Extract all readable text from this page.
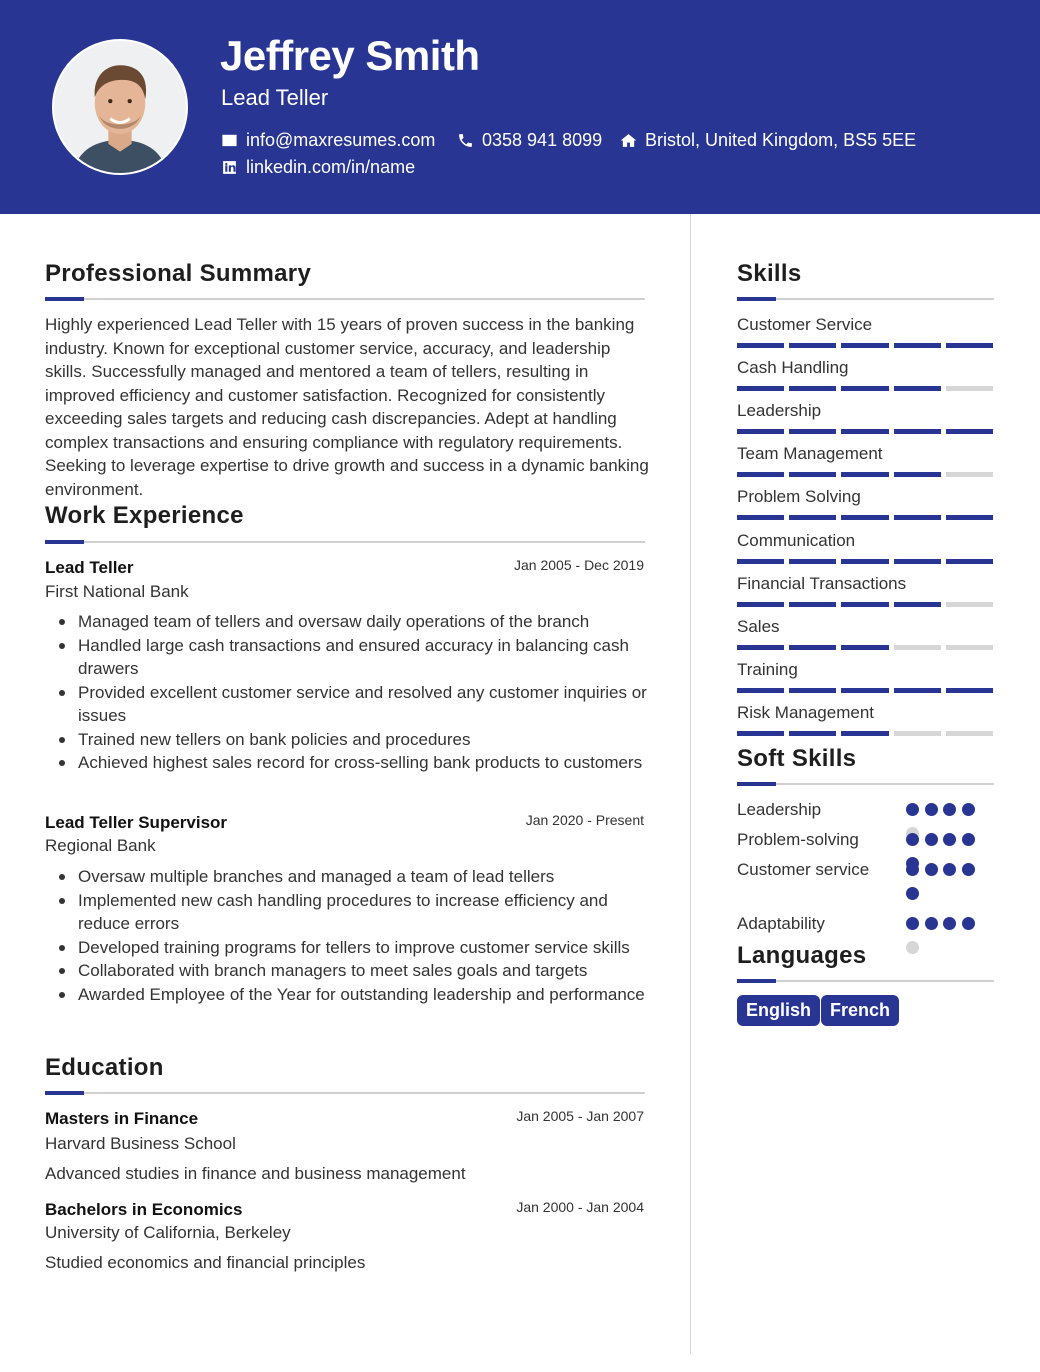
Jeffrey Smith
Lead Teller
info@maxresumes.com	0358 941 8099 Bristol, United Kingdom, BS5 5EE
linkedin.com/in/name
Professional Summary
Highly experienced Lead Teller with 15 years of proven success in the banking industry. Known for exceptional customer service, accuracy, and leadership skills. Successfully managed and mentored a team of tellers, resulting in improved efficiency and customer satisfaction. Recognized for consistently exceeding sales targets and reducing cash discrepancies. Adept at handling complex transactions and ensuring compliance with regulatory requirements. Seeking to leverage expertise to drive growth and success in a dynamic banking environment.
Work Experience
Lead Teller	Jan 2005 - Dec 2019
First National Bank
Managed team of tellers and oversaw daily operations of the branch
Handled large cash transactions and ensured accuracy in balancing cash drawers
Provided excellent customer service and resolved any customer inquiries or issues
Trained new tellers on bank policies and procedures
Achieved highest sales record for cross-selling bank products to customers
Lead Teller Supervisor	Jan 2020 - Present
Regional Bank
Oversaw multiple branches and managed a team of lead tellers
Implemented new cash handling procedures to increase efficiency and reduce errors
Developed training programs for tellers to improve customer service skills
Collaborated with branch managers to meet sales goals and targets
Awarded Employee of the Year for outstanding leadership and performance
Education
Masters in Finance	Jan 2005 - Jan 2007
Harvard Business School
Advanced studies in finance and business management
Bachelors in Economics	Jan 2000 - Jan 2004
University of California, Berkeley
Studied economics and financial principles
Skills
Customer Service
Cash Handling
Leadership
Team Management
Problem Solving
Communication
Financial Transactions
Sales
Training
Risk Management
Soft Skills
Leadership
Problem-solving
Customer service
Adaptability
Languages
English	French
